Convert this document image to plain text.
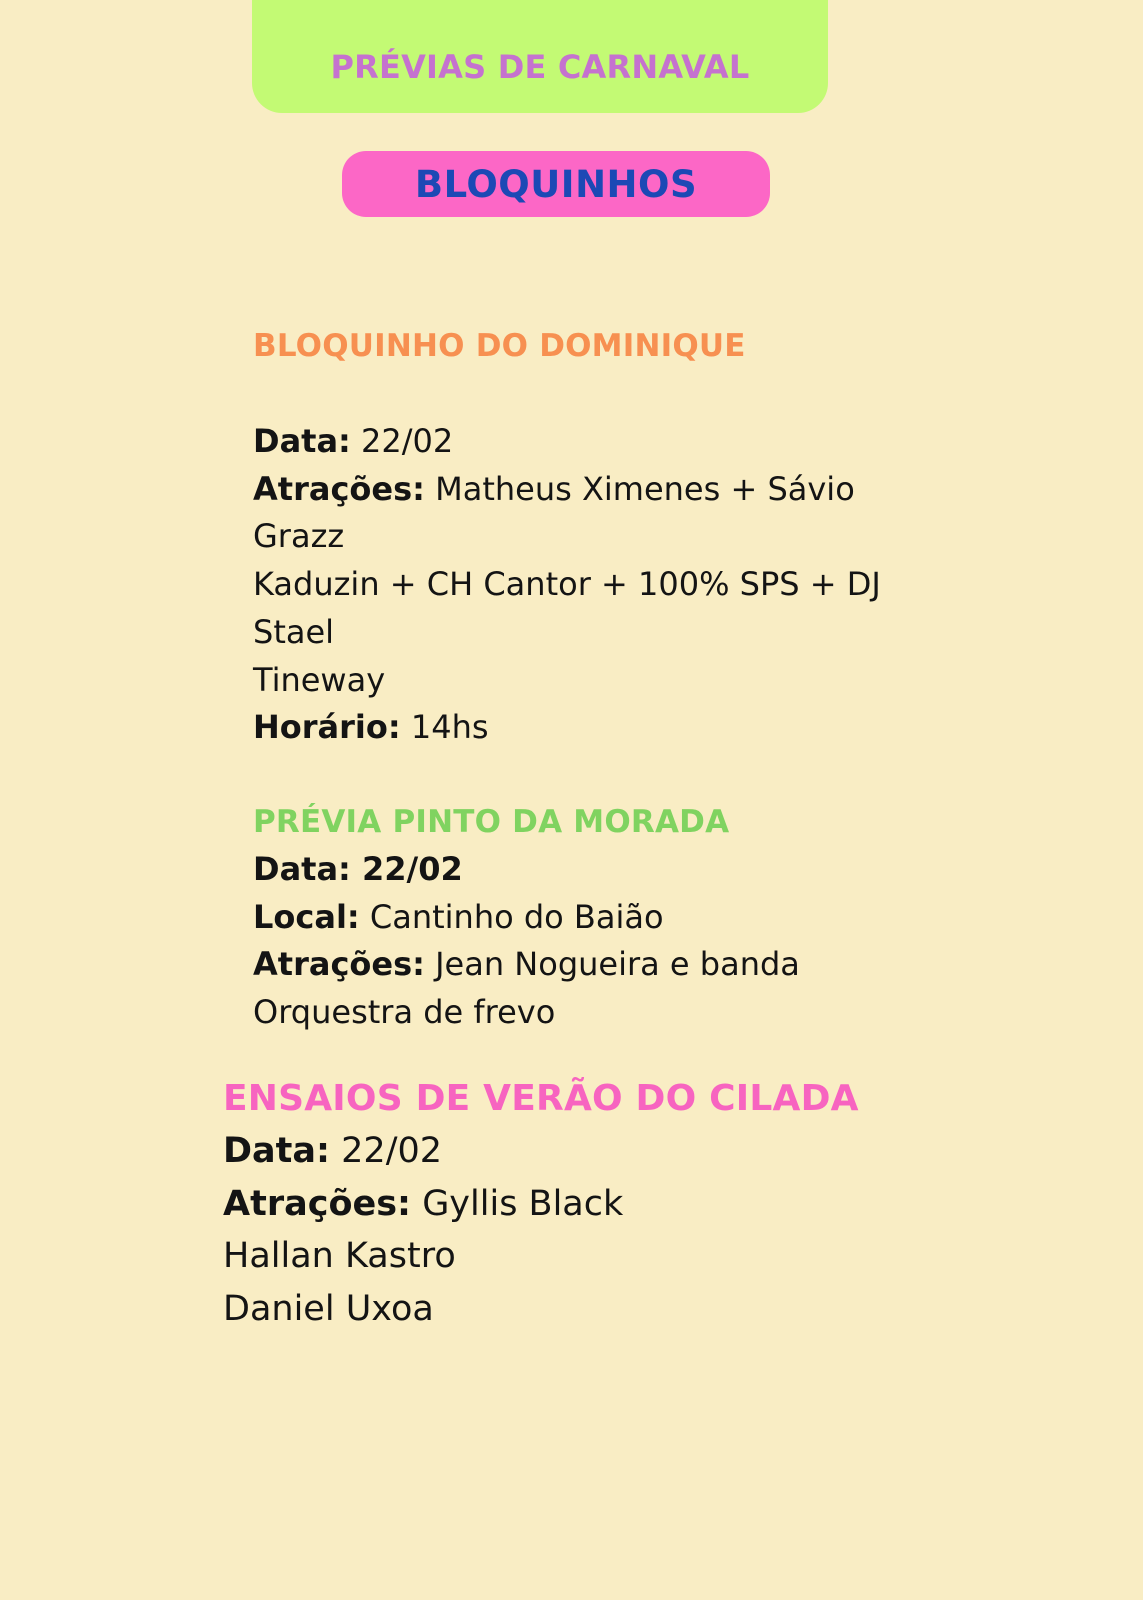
PRÉVIAS DE CARNAVAL
BLOQUINHOS
BLOQUINHO DO DOMINIQUE
Data: 22/02
Atrações: Matheus Ximenes + Sávio
Grazz
Kaduzin + CH Cantor + 100% SPS + DJ
Stael
Tineway
Horário: 14hs
PRÉVIA PINTO DA MORADA
Data: 22/02
Local: Cantinho do Baião
Atrações: Jean Nogueira e banda
Orquestra de frevo
ENSAIOS DE VERÃO DO CILADA
Data: 22/02
Atrações: Gyllis Black
Hallan Kastro
Daniel Uxoa
